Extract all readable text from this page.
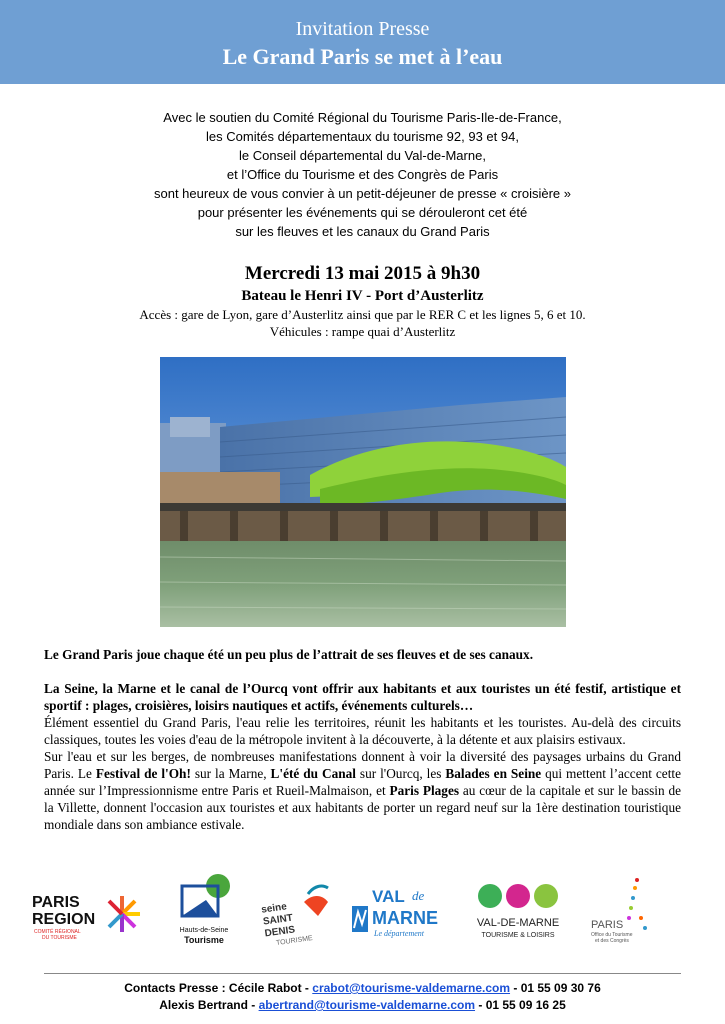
Invitation Presse
Le Grand Paris se met à l’eau
Avec le soutien du Comité Régional du Tourisme Paris-Ile-de-France,
les Comités départementaux du tourisme 92, 93 et 94,
le Conseil départemental du Val-de-Marne,
et l’Office du Tourisme et des Congrès de Paris
sont heureux de vous convier à un petit-déjeuner de presse « croisière »
pour présenter les événements qui se dérouleront cet été
sur les fleuves et les canaux du Grand Paris
Mercredi 13 mai 2015 à 9h30
Bateau le Henri IV - Port d’Austerlitz
Accès : gare de Lyon, gare d’Austerlitz ainsi que par le RER C et les lignes 5, 6 et 10.
Véhicules : rampe quai d’Austerlitz

Le Grand Paris joue chaque été un peu plus de l’attrait de ses fleuves et de ses canaux.

La Seine, la Marne et le canal de l’Ourcq vont offrir aux habitants et aux touristes un été festif, artistique et sportif : plages, croisières, loisirs nautiques et actifs, événements culturels…
Élément essentiel du Grand Paris, l'eau relie les territoires, réunit les habitants et les touristes. Au-delà des circuits classiques, toutes les voies d'eau de la métropole invitent à la découverte, à la détente et aux plaisirs estivaux.

Sur l'eau et sur les berges, de nombreuses manifestations donnent à voir la diversité des paysages urbains du Grand Paris. Le Festival de l'Oh! sur la Marne, L'été du Canal sur l'Ourcq, les Balades en Seine qui mettent l’accent cette année sur l’Impressionnisme entre Paris et Rueil-Malmaison, et Paris Plages au cœur de la capitale et sur le bassin de la Villette, donnent l'occasion aux touristes et aux habitants de porter un regard neuf sur la 1ère destination touristique mondiale dans son ambiance estivale.

PARIS
REGION
COMITÉ RÉGIONAL
DU TOURISME
Hauts-de-Seine
Tourisme
seine
SAINT
DENIS
TOURISME
VAL de
MARNE
Le département
VAL-DE-MARNE
TOURISME & LOISIRS
PARIS
Office du Tourisme
et des Congrès
Contacts Presse : Cécile Rabot - crabot@tourisme-valdemarne.com - 01 55 09 30 76
Alexis Bertrand - abertrand@tourisme-valdemarne.com - 01 55 09 16 25
